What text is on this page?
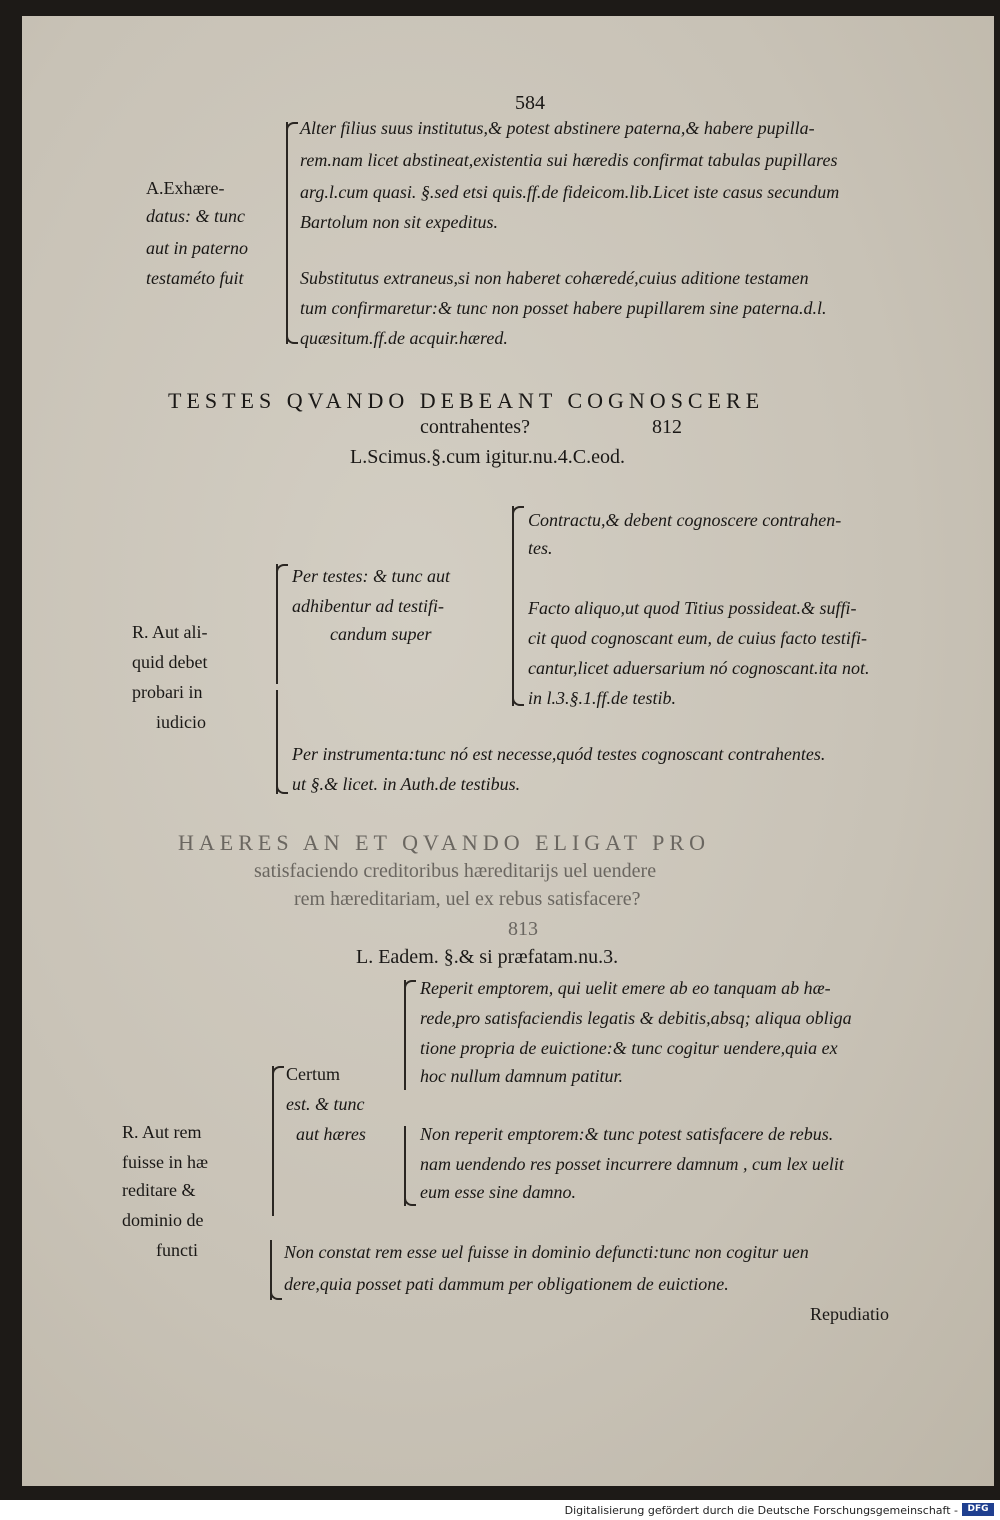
584
A.Exhære-
datus: & tunc
aut in paterno
testaméto fuit
Alter filius suus institutus,& potest abstinere paterna,& habere pupilla-
rem.nam licet abstineat,existentia sui hæredis confirmat tabulas pupillares
arg.l.cum quasi. §.sed etsi quis.ff.de fideicom.lib.Licet iste casus secundum
Bartolum non sit expeditus.
Substitutus extraneus,si non haberet cohæredé,cuius aditione testamen
tum confirmaretur:& tunc non posset habere pupillarem sine paterna.d.l.
quæsitum.ff.de acquir.hæred.
TESTES QVANDO DEBEANT COGNOSCERE
contrahentes?	812
L.Scimus.§.cum igitur.nu.4.C.eod.
R. Aut ali-
quid debet
probari in
iudicio
Per testes: & tunc aut
adhibentur ad testifi-
candum super
Contractu,& debent cognoscere contrahen-
tes.
Facto aliquo,ut quod Titius possideat.& suffi-
cit quod cognoscant eum, de cuius facto testifi-
cantur,licet aduersarium nó cognoscant.ita not.
in l.3.§.1.ff.de testib.
Per instrumenta:tunc nó est necesse,quód testes cognoscant contrahentes.
ut §.& licet. in Auth.de testibus.
HAERES AN ET QVANDO ELIGAT PRO
satisfaciendo creditoribus hæreditarijs uel uendere
rem hæreditariam, uel ex rebus satisfacere?
813
L. Eadem. §.& si præfatam.nu.3.
R. Aut rem
fuisse in hæ
reditare &
dominio de
functi
Certum
est. & tunc
aut hæres
Reperit emptorem, qui uelit emere ab eo tanquam ab hæ-
rede,pro satisfaciendis legatis & debitis,absq; aliqua obliga
tione propria de euictione:& tunc cogitur uendere,quia ex
hoc nullum damnum patitur.
Non reperit emptorem:& tunc potest satisfacere de rebus.
nam uendendo res posset incurrere damnum , cum lex uelit
eum esse sine damno.
Non constat rem esse uel fuisse in dominio defuncti:tunc non cogitur uen
dere,quia posset pati dammum per obligationem de euictione.
Repudiatio
Digitalisierung gefördert durch die Deutsche Forschungsgemeinschaft -	DFG
